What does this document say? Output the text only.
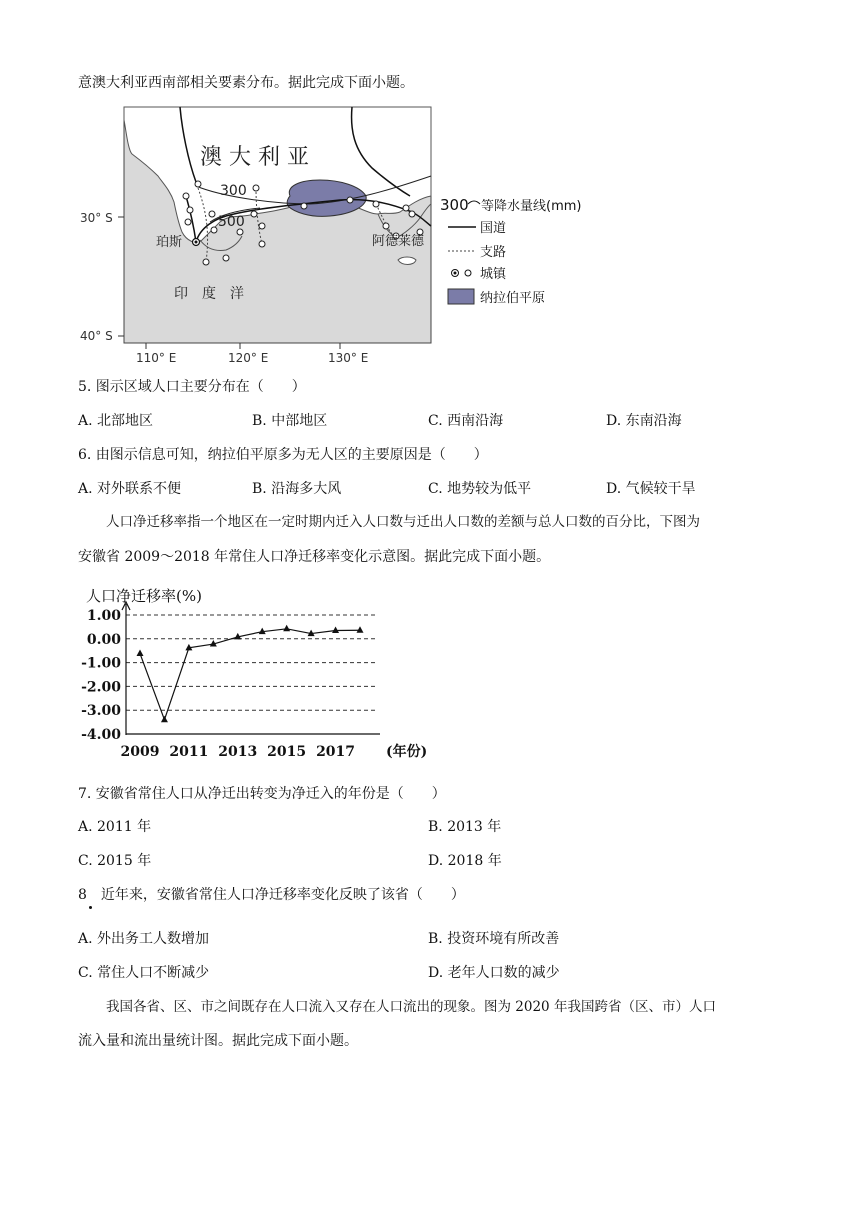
意澳大利亚西南部相关要素分布。据此完成下面小题。
澳大利亚
300
500
珀斯	阿德莱德
印　度　洋
30° S
40° S
110° E	120° E	130° E
300 等降水量线(mm)
国道
支路
城镇
纳拉伯平原
5. 图示区域人口主要分布在（　　）
A. 北部地区	B. 中部地区	C. 西南沿海	D. 东南沿海
6. 由图示信息可知，纳拉伯平原多为无人区的主要原因是（　　）
A. 对外联系不便	B. 沿海多大风	C. 地势较为低平	D. 气候较干旱
人口净迁移率指一个地区在一定时期内迁入人口数与迁出人口数的差额与总人口数的百分比，下图为
安徽省 2009～2018 年常住人口净迁移率变化示意图。据此完成下面小题。
人口净迁移率(%)
1.00
0.00
-1.00
-2.00
-3.00
-4.00
2009 2011 2013 2015 2017 (年份)
7. 安徽省常住人口从净迁出转变为净迁入的年份是（　　）
A. 2011 年	B. 2013 年
C. 2015 年	D. 2018 年
8　近年来，安徽省常住人口净迁移率变化反映了该省（　　）
A. 外出务工人数增加	B. 投资环境有所改善
C. 常住人口不断减少	D. 老年人口数的减少
我国各省、区、市之间既存在人口流入又存在人口流出的现象。图为 2020 年我国跨省（区、市）人口
流入量和流出量统计图。据此完成下面小题。
